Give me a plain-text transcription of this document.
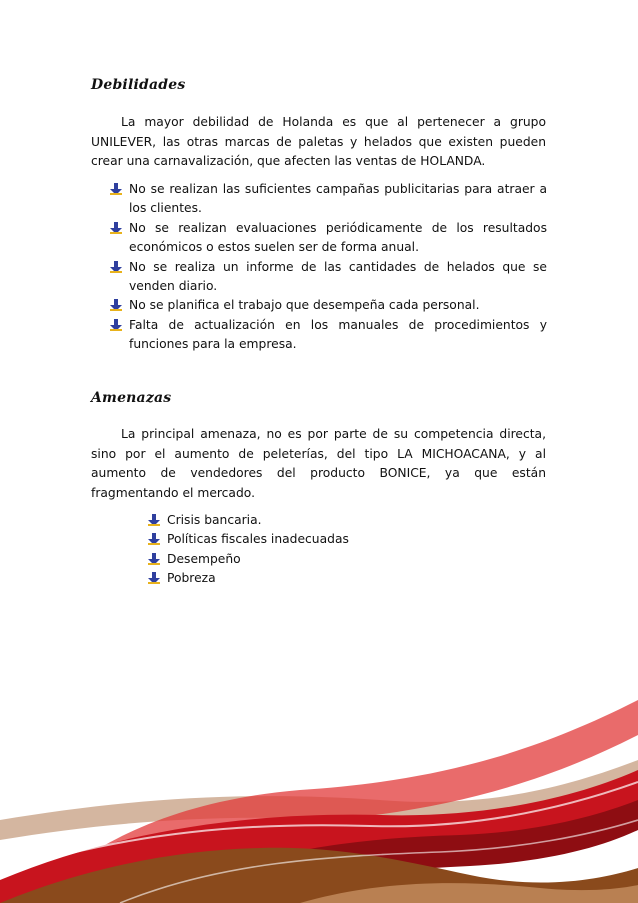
Debilidades

La mayor debilidad de Holanda es que al pertenecer a grupo UNILEVER, las otras marcas de paletas y helados que existen pueden crear una carnavalización, que afecten las ventas de HOLANDA.

No se realizan las suficientes campañas publicitarias para atraer a los clientes.
No se realizan evaluaciones periódicamente de los resultados económicos o estos suelen ser de forma anual.
No se realiza un informe de las cantidades de helados que se venden diario.
No se planifica el trabajo que desempeña cada personal.
Falta de actualización en los manuales de procedimientos y funciones para la empresa.
Amenazas

La principal amenaza, no es por parte de su competencia directa, sino por el aumento de peleterías, del tipo LA MICHOACANA, y al aumento de vendedores del producto BONICE, ya que están fragmentando el mercado.

Crisis bancaria.
Políticas fiscales inadecuadas
Desempeño
Pobreza
